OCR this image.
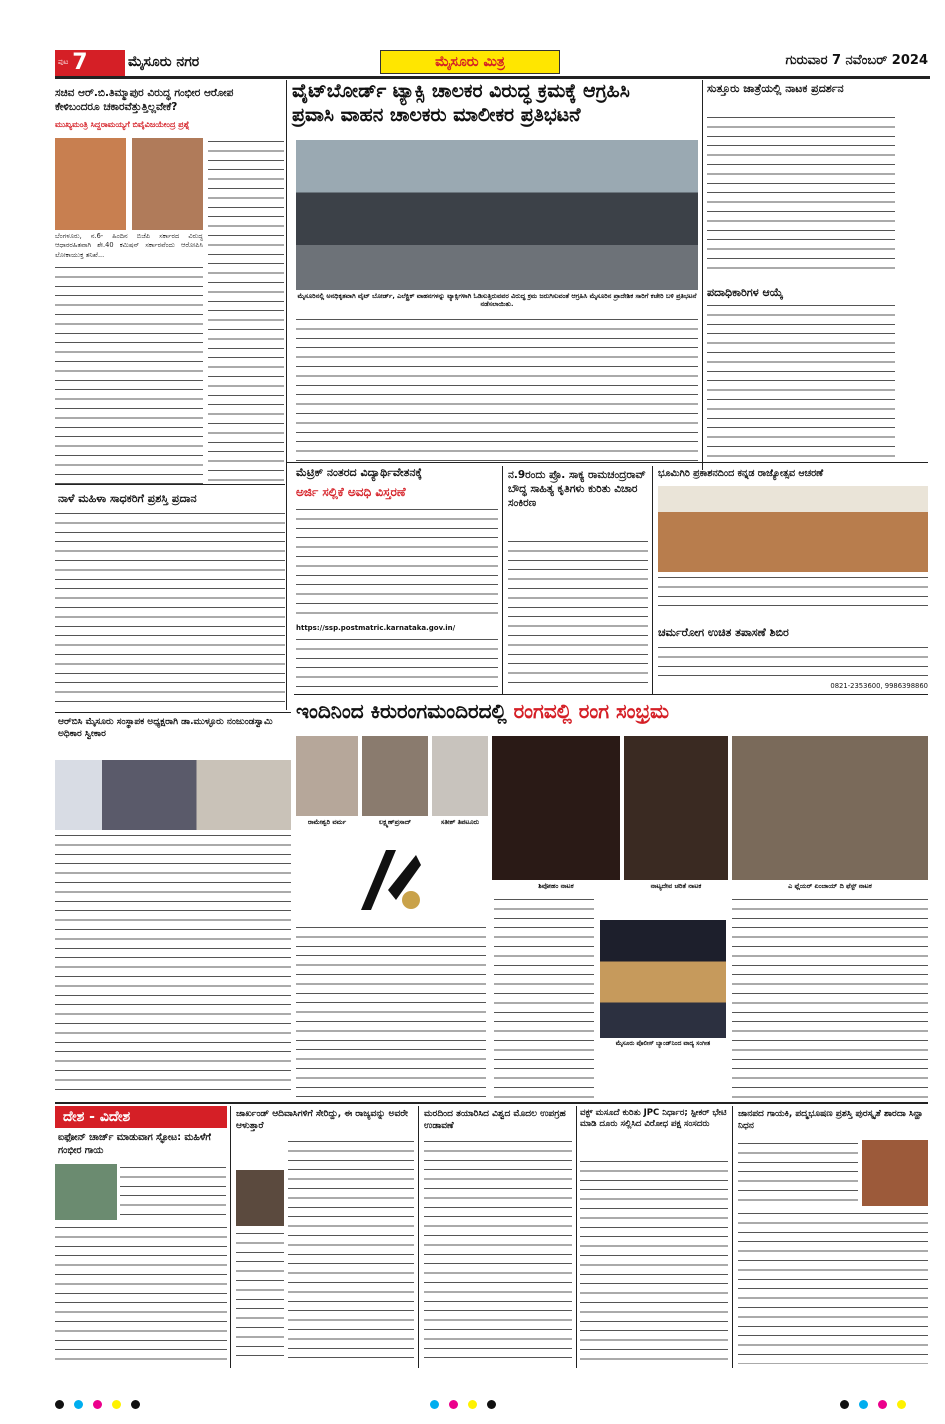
ಪುಟ 7	ಮೈಸೂರು ನಗರ	ಮೈಸೂರು ಮಿತ್ರ	ಗುರುವಾರ 7 ನವೆಂಬರ್ 2024
ಸಚಿವ ಆರ್.ಬಿ.ತಿಮ್ಮಾಪುರ ವಿರುದ್ಧ ಗಂಭೀರ ಆರೋಪ ಕೇಳಿಬಂದರೂ ಚಕಾರವೆತ್ತುತ್ತಿಲ್ಲವೇಕೆ?
ಮುಖ್ಯಮಂತ್ರಿ ಸಿದ್ದರಾಮಯ್ಯಗೆ ಬಿವೈವಿಜಯೇಂದ್ರ ಪ್ರಶ್ನೆ
ಬೆಂಗಳೂರು, ನ.6- ಹಿಂದಿನ ಬಿಜೆಪಿ ಸರ್ಕಾರದ ವಿರುದ್ಧ ಆಧಾರರಹಿತವಾಗಿ ಶೇ.40 ಕಮಿಷನ್ ಸರ್ಕಾರವೆಂದು ಆರೋಪಿಸಿ ಲೋಕಾಯುಕ್ತ ತನಿಖೆ...
ವೈಟ್‌ಬೋರ್ಡ್ ಟ್ಯಾಕ್ಸಿ ಚಾಲಕರ ವಿರುದ್ಧ ಕ್ರಮಕ್ಕೆ ಆಗ್ರಹಿಸಿ
ಪ್ರವಾಸಿ ವಾಹನ ಚಾಲಕರು ಮಾಲೀಕರ ಪ್ರತಿಭಟನೆ
ಮೈಸೂರಿನಲ್ಲಿ ಅನಧಿಕೃತವಾಗಿ ವೈಟ್ ಬೋರ್ಡ್, ಎಲೆಕ್ಟ್ರಿಕ್ ವಾಹನಗಳನ್ನು ಟ್ಯಾಕ್ಸಿಗಳಾಗಿ ಓಡಿಸುತ್ತಿರುವವರ ವಿರುದ್ಧ ಕ್ರಮ ಜರುಗಿಸುವಂತೆ ಆಗ್ರಹಿಸಿ ಮೈಸೂರಿನ ಪ್ರಾದೇಶಿಕ ಸಾರಿಗೆ ಕಚೇರಿ ಬಳಿ ಪ್ರತಿಭಟನೆ ನಡೆಸಲಾಯಿತು.
ಸುತ್ತೂರು ಜಾತ್ರೆಯಲ್ಲಿ ನಾಟಕ ಪ್ರದರ್ಶನ
ಪದಾಧಿಕಾರಿಗಳ ಆಯ್ಕೆ
ಮೆಟ್ರಿಕ್ ನಂತರದ ವಿದ್ಯಾರ್ಥಿವೇತನಕ್ಕೆ
ಅರ್ಜಿ ಸಲ್ಲಿಕೆ ಅವಧಿ ವಿಸ್ತರಣೆ
https://ssp.postmatric.karnataka.gov.in/
ನ.9ರಂದು ಪ್ರೊ. ಸಾಕ್ಯ ರಾಮಚಂದ್ರರಾವ್ ಬೌದ್ಧ ಸಾಹಿತ್ಯ ಕೃತಿಗಳು ಕುರಿತು ವಿಚಾರ ಸಂಕಿರಣ
ಭೂಮಿಗಿರಿ ಪ್ರಕಾಶನದಿಂದ ಕನ್ನಡ ರಾಜ್ಯೋತ್ಸವ ಆಚರಣೆ
ಚರ್ಮರೋಗ ಉಚಿತ ತಪಾಸಣೆ ಶಿಬಿರ
0821-2353600, 9986398860
ನಾಳೆ ಮಹಿಳಾ ಸಾಧಕರಿಗೆ ಪ್ರಶಸ್ತಿ ಪ್ರದಾನ
ಆರ್‌ಬಿಸಿ ಮೈಸೂರು ಸಂಸ್ಥಾಪಕ ಅಧ್ಯಕ್ಷರಾಗಿ ಡಾ.ಮುಳ್ಳೂರು ನಂಜುಂಡಸ್ವಾಮಿ ಅಧಿಕಾರ ಸ್ವೀಕಾರ
ಇಂದಿನಿಂದ ಕಿರುರಂಗಮಂದಿರದಲ್ಲಿ ರಂಗವಲ್ಲಿ ರಂಗ ಸಂಭ್ರಮ
ರಾಮೇಶ್ವರಿ ವರ್ಮ	ಲಕ್ಷ್ಮಣ್‌ಪ್ರಸಾದ್	ಸತೀಶ್ ತಿಪಟೂರು
ಶಿವೋಹಂ ನಾಟಕ	ನಾಟ್ಯದೇವ ಚರಿತೆ ನಾಟಕ	ಎ ಫ್ಲೆಯರ್ ಏಂಜಾಯ್ ದಿ ಫೆಸ್ಟ್ ನಾಟಕ
ಮೈಸೂರು ಪೊಲೀಸ್ ಬ್ಯಾಂಡ್‌ನಿಂದ ವಾದ್ಯ ಸಂಗೀತ
ದೇಶ - ವಿದೇಶ
ಐಫೋನ್ ಚಾರ್ಜ್ ಮಾಡುವಾಗ ಸ್ಫೋಟ: ಮಹಿಳೆಗೆ ಗಂಭೀರ ಗಾಯ
ಜಾರ್ಖಂಡ್ ಆದಿವಾಸಿಗಳಿಗೆ ಸೇರಿದ್ದು, ಈ ರಾಜ್ಯವನ್ನು ಅವರೇ ಆಳುತ್ತಾರೆ
ಮರದಿಂದ ತಯಾರಿಸಿದ ವಿಶ್ವದ ಮೊದಲ ಉಪಗ್ರಹ ಉಡಾವಣೆ
ವಕ್ಫ್ ಮಸೂದೆ ಕುರಿತು JPC ನಿರ್ಧಾರ; ಸ್ಪೀಕರ್ ಭೇಟಿ ಮಾಡಿ ದೂರು ಸಲ್ಲಿಸಿದ ವಿರೋಧ ಪಕ್ಷ ಸಂಸದರು
ಜಾನಪದ ಗಾಯಕಿ, ಪದ್ಮಭೂಷಣ ಪ್ರಶಸ್ತಿ ಪುರಸ್ಕೃತೆ ಶಾರದಾ ಸಿನ್ಹಾ ನಿಧನ
